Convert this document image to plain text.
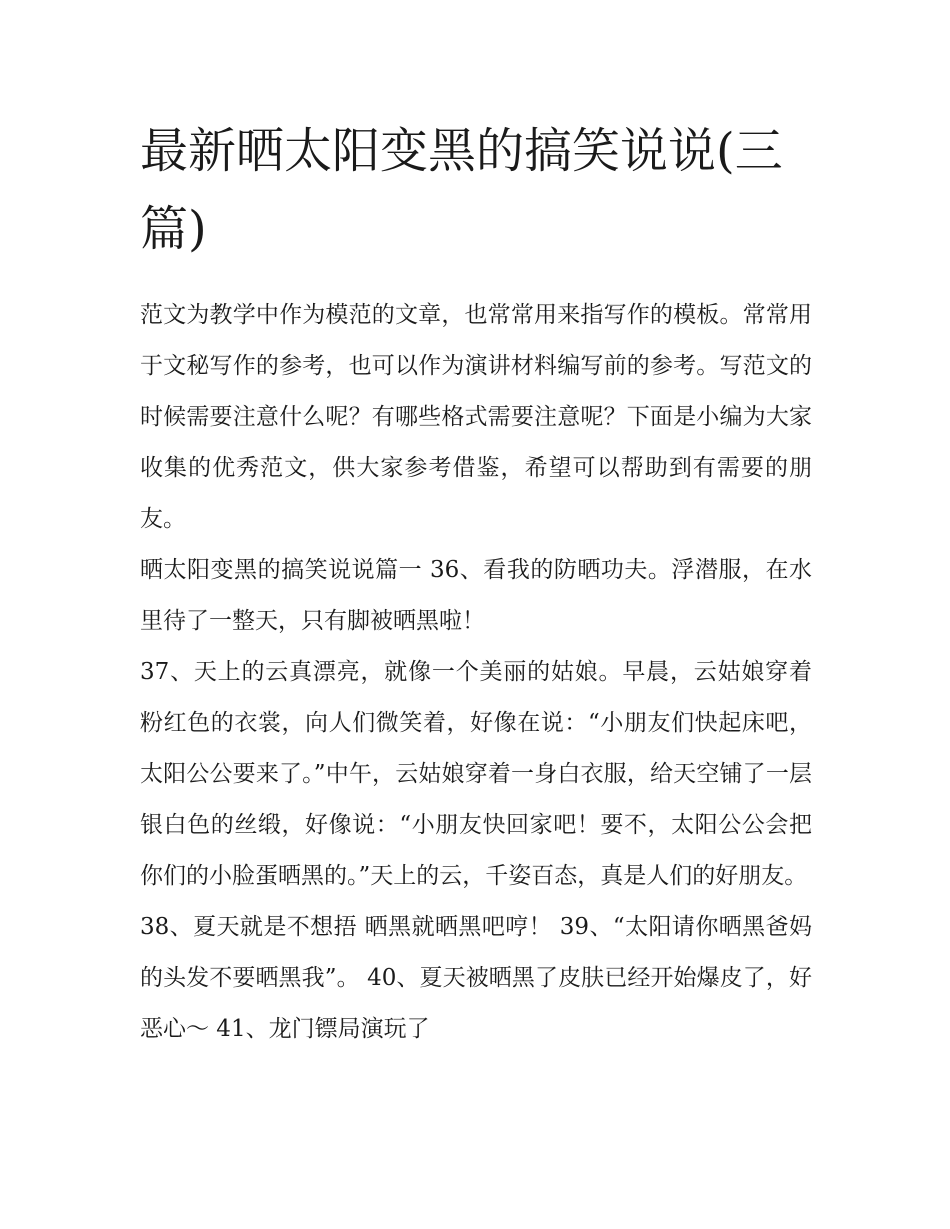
最新晒太阳变黑的搞笑说说(三篇)

范文为教学中作为模范的文章，也常常用来指写作的模板。常常用于文秘写作的参考，也可以作为演讲材料编写前的参考。写范文的时候需要注意什么呢？有哪些格式需要注意呢？下面是小编为大家收集的优秀范文，供大家参考借鉴，希望可以帮助到有需要的朋友。

晒太阳变黑的搞笑说说篇一 36、看我的防晒功夫。浮潜服，在水里待了一整天，只有脚被晒黑啦！

37、天上的云真漂亮，就像一个美丽的姑娘。早晨，云姑娘穿着粉红色的衣裳，向人们微笑着，好像在说：“小朋友们快起床吧，太阳公公要来了。”中午，云姑娘穿着一身白衣服，给天空铺了一层银白色的丝缎，好像说：“小朋友快回家吧！要不，太阳公公会把你们的小脸蛋晒黑的。”天上的云，千姿百态，真是人们的好朋友。

38、夏天就是不想捂 晒黑就晒黑吧哼！ 39、“太阳请你晒黑爸妈的头发不要晒黑我”。 40、夏天被晒黑了皮肤已经开始爆皮了，好恶心～ 41、龙门镖局演玩了
